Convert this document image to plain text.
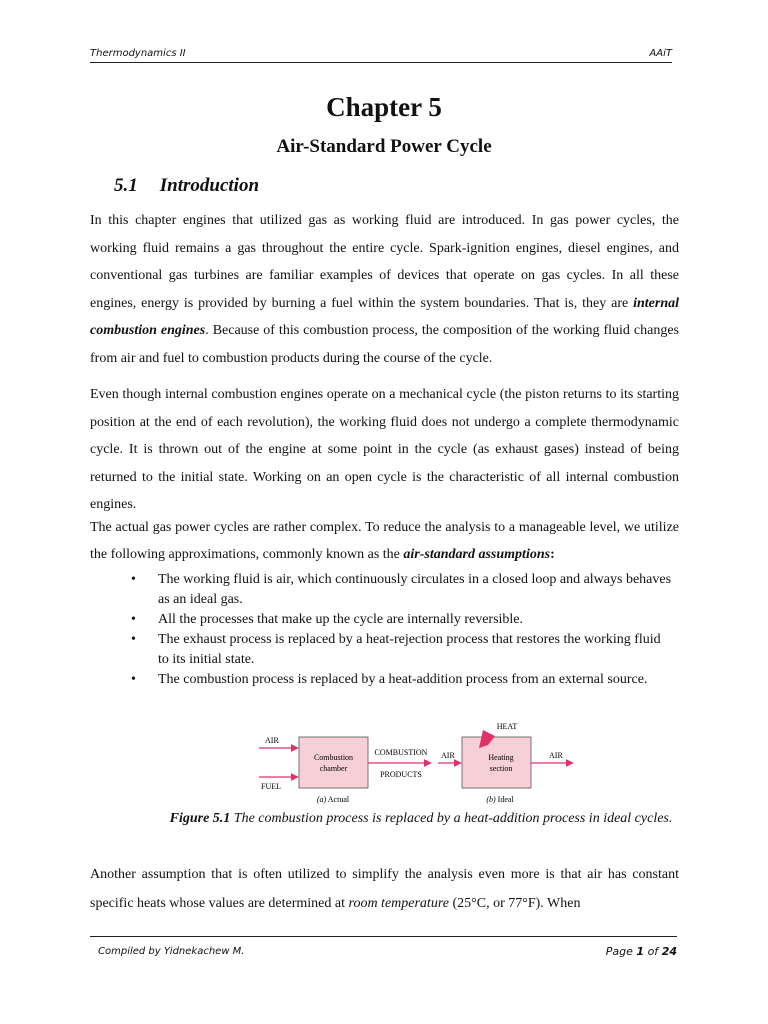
Thermodynamics II	AAiT
Chapter 5
Air-Standard Power Cycle
5.1 Introduction
In this chapter engines that utilized gas as working fluid are introduced. In gas power cycles, the working fluid remains a gas throughout the entire cycle. Spark-ignition engines, diesel engines, and conventional gas turbines are familiar examples of devices that operate on gas cycles. In all these engines, energy is provided by burning a fuel within the system boundaries. That is, they are internal combustion engines. Because of this combustion process, the composition of the working fluid changes from air and fuel to combustion products during the course of the cycle.
Even though internal combustion engines operate on a mechanical cycle (the piston returns to its starting position at the end of each revolution), the working fluid does not undergo a complete thermodynamic cycle. It is thrown out of the engine at some point in the cycle (as exhaust gases) instead of being returned to the initial state. Working on an open cycle is the characteristic of all internal combustion engines.
The actual gas power cycles are rather complex. To reduce the analysis to a manageable level, we utilize the following approximations, commonly known as the air-standard assumptions:
• The working fluid is air, which continuously circulates in a closed loop and always behaves as an ideal gas.
• All the processes that make up the cycle are internally reversible.
• The exhaust process is replaced by a heat-rejection process that restores the working fluid to its initial state.
• The combustion process is replaced by a heat-addition process from an external source.
AIR
FUEL
Combustion
chamber
COMBUSTION
PRODUCTS
(a) Actual
HEAT
AIR	Heating
section
AIR
(b) Ideal
Figure 5.1 The combustion process is replaced by a heat-addition process in ideal cycles.
Another assumption that is often utilized to simplify the analysis even more is that air has constant specific heats whose values are determined at room temperature (25°C, or 77°F). When
Compiled by Yidnekachew M.	Page 1 of 24
